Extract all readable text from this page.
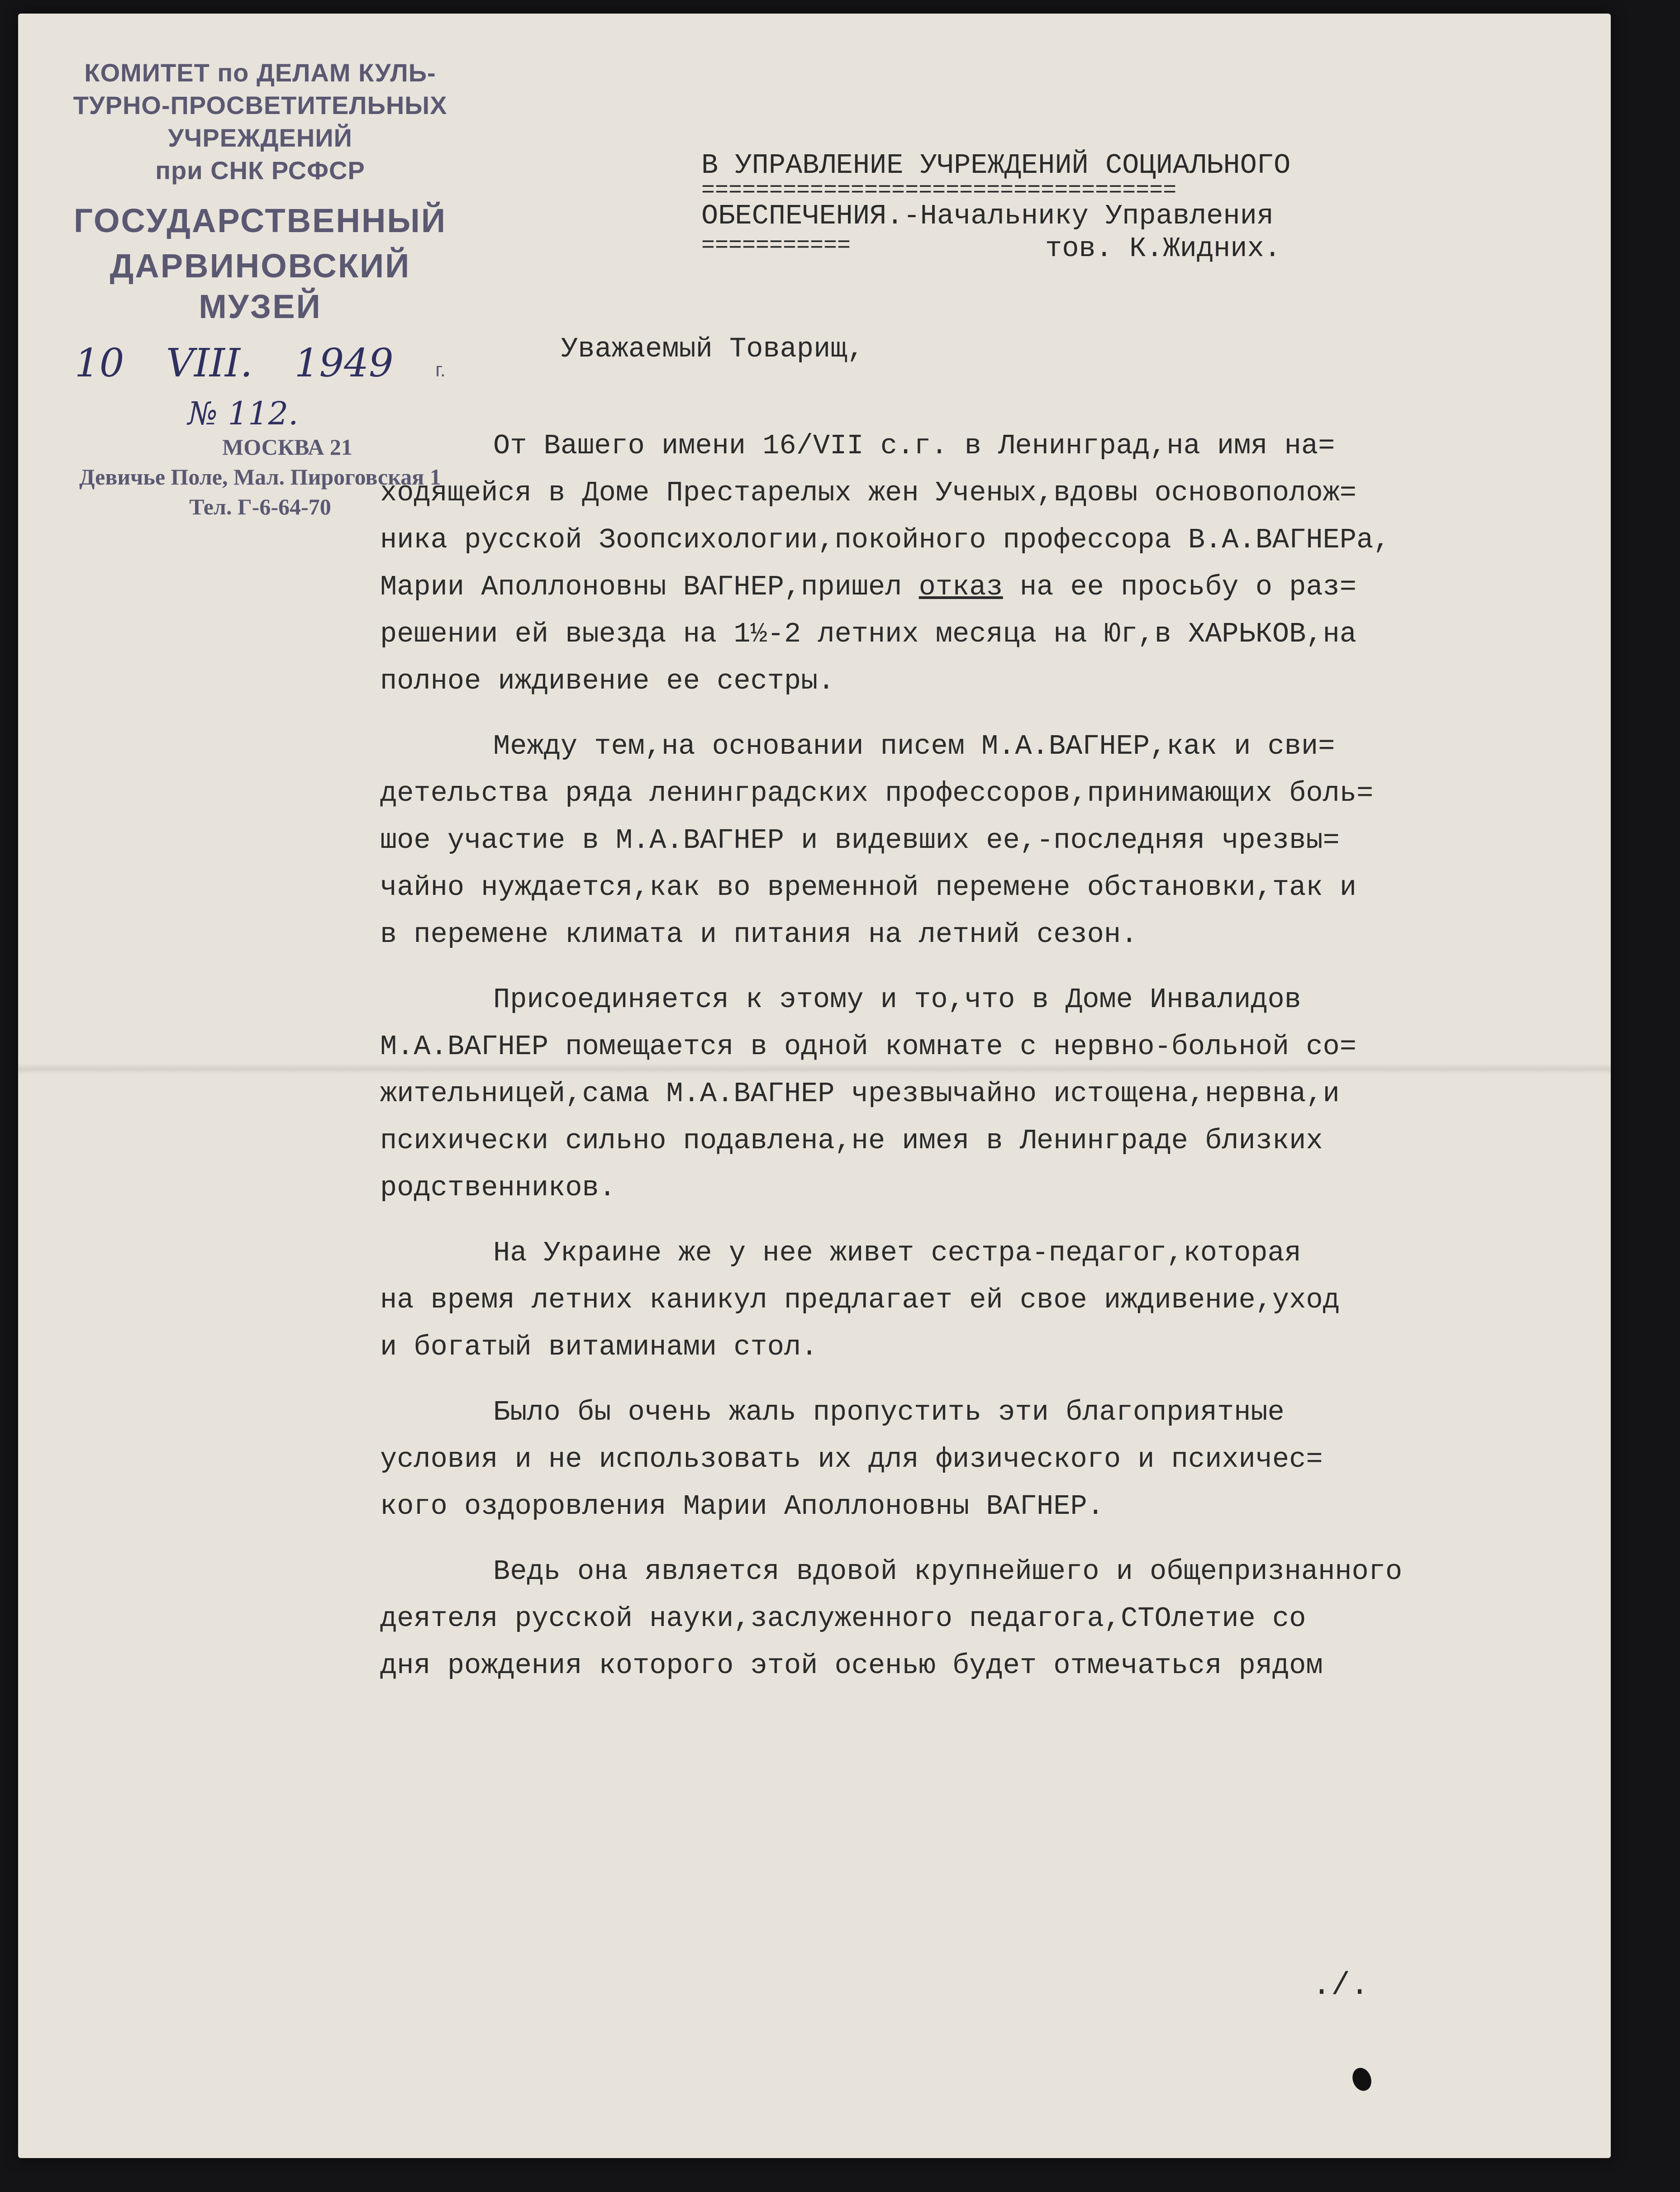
КОМИТЕТ по ДЕЛАМ КУЛЬ-
ТУРНО-ПРОСВЕТИТЕЛЬНЫХ
УЧРЕЖДЕНИЙ
при СНК РСФСР
ГОСУДАРСТВЕННЫЙ
ДАРВИНОВСКИЙ МУЗЕЙ
10 VIII. 1949 г.
№ 112.
МОСКВА 21
Девичье Поле, Мал. Пироговская 1
Тел. Г-6-64-70
В УПРАВЛЕНИЕ УЧРЕЖДЕНИЙ СОЦИАЛЬНОГО
===================================
ОБЕСПЕЧЕНИЯ.-Начальнику Управления
===========	тов. К.Жидних.
Уважаемый Товарищ,

От Вашего имени 16/VII с.г. в Ленинград,на имя на=
ходящейся в Доме Престарелых жен Ученых,вдовы основополож=
ника русской Зоопсихологии,покойного профессора В.А.ВАГНЕРа,
Марии Аполлоновны ВАГНЕР,пришел отказ на ее просьбу о раз=
решении ей выезда на 1½-2 летних месяца на Юг,в ХАРЬКОВ,на
полное иждивение ее сестры.

Между тем,на основании писем М.А.ВАГНЕР,как и сви=
детельства ряда ленинградских профессоров,принимающих боль=
шое участие в М.А.ВАГНЕР и видевших ее,-последняя чрезвы=
чайно нуждается,как во временной перемене обстановки,так и
в перемене климата и питания на летний сезон.

Присоединяется к этому и то,что в Доме Инвалидов
М.А.ВАГНЕР помещается в одной комнате с нервно-больной со=
жительницей,сама М.А.ВАГНЕР чрезвычайно истощена,нервна,и
психически сильно подавлена,не имея в Ленинграде близких
родственников.

На Украине же у нее живет сестра-педагог,которая
на время летних каникул предлагает ей свое иждивение,уход
и богатый витаминами стол.

Было бы очень жаль пропустить эти благоприятные
условия и не использовать их для физического и психичес=
кого оздоровления Марии Аполлоновны ВАГНЕР.

Ведь она является вдовой крупнейшего и общепризнанного
деятеля русской науки,заслуженного педагога,СТОлетие со
дня рождения которого этой осенью будет отмечаться рядом

./.
